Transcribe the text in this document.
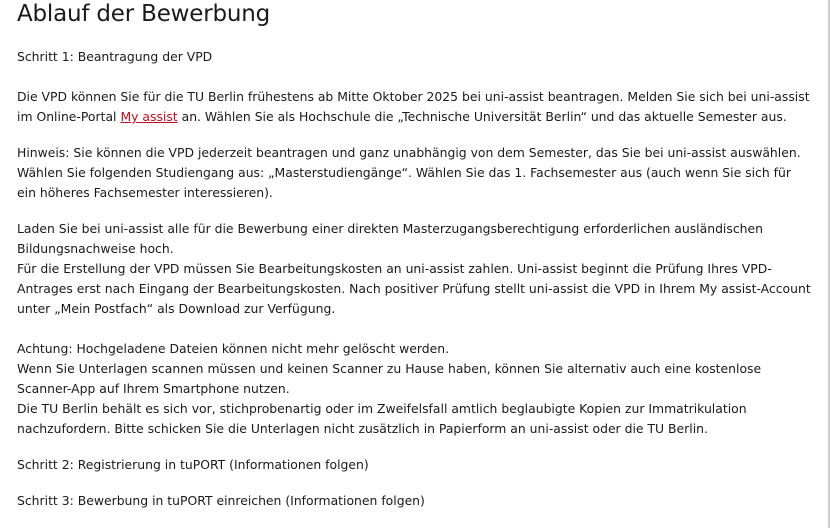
Ablauf der Bewerbung

Schritt 1: Beantragung der VPD

Die VPD können Sie für die TU Berlin frühestens ab Mitte Oktober 2025 bei uni-assist beantragen. Melden Sie sich bei uni-assist im Online-Portal My assist an. Wählen Sie als Hochschule die „Technische Universität Berlin“ und das aktuelle Semester aus.

Hinweis: Sie können die VPD jederzeit beantragen und ganz unabhängig von dem Semester, das Sie bei uni-assist auswählen. Wählen Sie folgenden Studiengang aus: „Masterstudiengänge“. Wählen Sie das 1. Fachsemester aus (auch wenn Sie sich für ein höheres Fachsemester interessieren).

Laden Sie bei uni-assist alle für die Bewerbung einer direkten Masterzugangsberechtigung erforderlichen ausländischen Bildungsnachweise hoch.
Für die Erstellung der VPD müssen Sie Bearbeitungskosten an uni-assist zahlen. Uni-assist beginnt die Prüfung Ihres VPD-Antrages erst nach Eingang der Bearbeitungskosten. Nach positiver Prüfung stellt uni-assist die VPD in Ihrem My assist-Account unter „Mein Postfach“ als Download zur Verfügung.

Achtung: Hochgeladene Dateien können nicht mehr gelöscht werden.
Wenn Sie Unterlagen scannen müssen und keinen Scanner zu Hause haben, können Sie alternativ auch eine kostenlose Scanner-App auf Ihrem Smartphone nutzen.
Die TU Berlin behält es sich vor, stichprobenartig oder im Zweifelsfall amtlich beglaubigte Kopien zur Immatrikulation nachzufordern. Bitte schicken Sie die Unterlagen nicht zusätzlich in Papierform an uni-assist oder die TU Berlin.

Schritt 2: Registrierung in tuPORT (Informationen folgen)

Schritt 3: Bewerbung in tuPORT einreichen (Informationen folgen)
